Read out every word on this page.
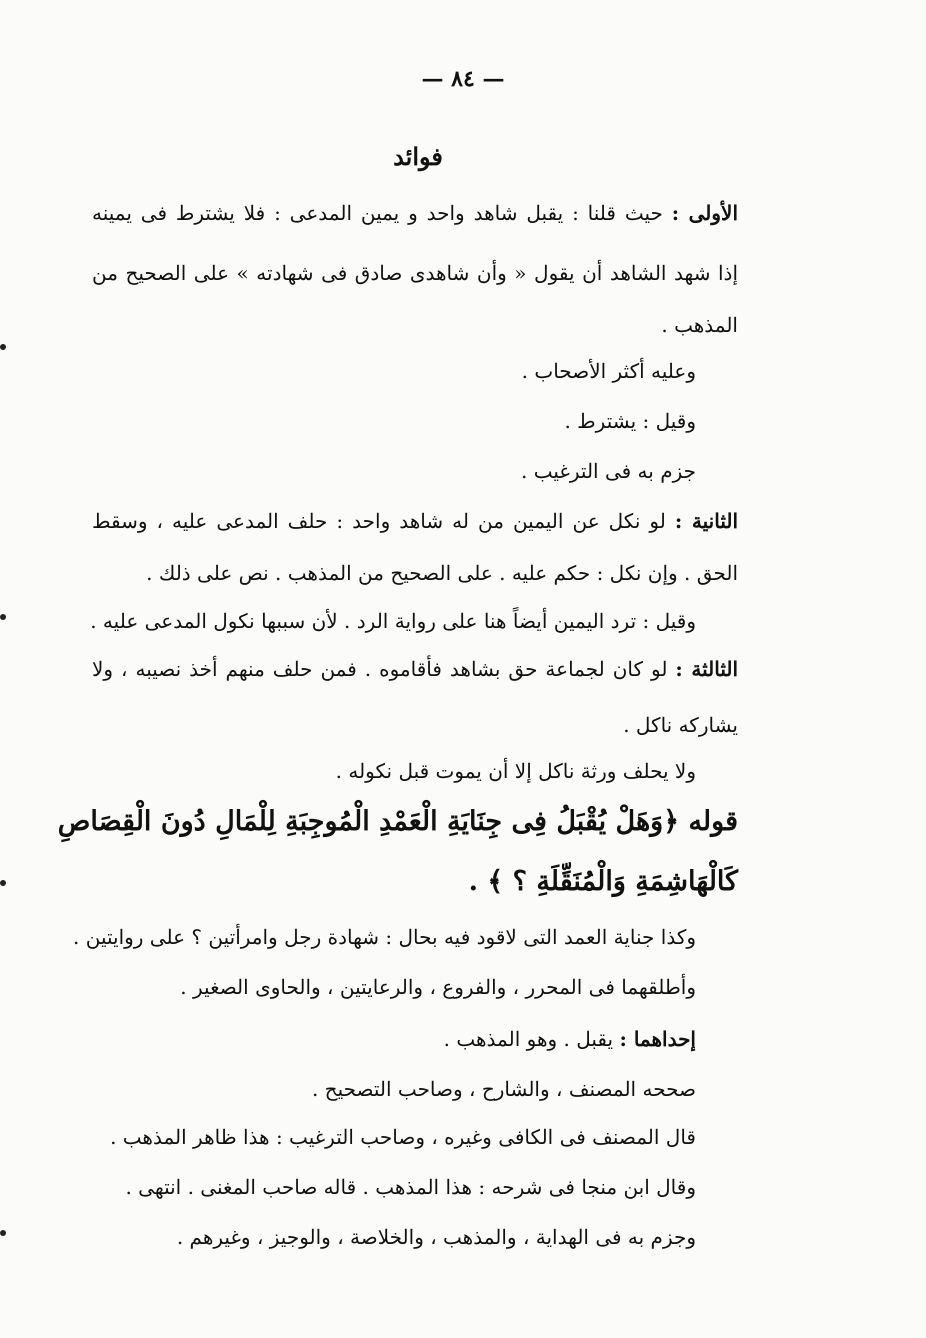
— ٨٤ —
فوائد
الأولى : حيث قلنا : يقبل شاهد واحد و يمين المدعى : فلا يشترط فى يمينه
إذا شهد الشاهد أن يقول « وأن شاهدى صادق فى شهادته » على الصحيح من
المذهب .
وعليه أكثر الأصحاب .
وقيل : يشترط .
جزم به فى الترغيب .
الثانية : لو نكل عن اليمين من له شاهد واحد : حلف المدعى عليه ، وسقط
الحق . وإن نكل : حكم عليه . على الصحيح من المذهب . نص على ذلك .
وقيل : ترد اليمين أيضاً هنا على رواية الرد . لأن سببها نكول المدعى عليه .
الثالثة : لو كان لجماعة حق بشاهد فأقاموه . فمن حلف منهم أخذ نصيبه ، ولا
يشاركه ناكل .
ولا يحلف ورثة ناكل إلا أن يموت قبل نكوله .
قوله ﴿وَهَلْ يُقْبَلُ فِى جِنَايَةِ الْعَمْدِ الْمُوجِبَةِ لِلْمَالِ دُونَ الْقِصَاصِ
كَالْهَاشِمَةِ وَالْمُنَقِّلَةِ ؟ ﴾ .
وكذا جناية العمد التى لاقود فيه بحال : شهادة رجل وامرأتين ؟ على روايتين .
وأطلقهما فى المحرر ، والفروع ، والرعايتين ، والحاوى الصغير .
إحداهما : يقبل . وهو المذهب .
صححه المصنف ، والشارح ، وصاحب التصحيح .
قال المصنف فى الكافى وغيره ، وصاحب الترغيب : هذا ظاهر المذهب .
وقال ابن منجا فى شرحه : هذا المذهب . قاله صاحب المغنى . انتهى .
وجزم به فى الهداية ، والمذهب ، والخلاصة ، والوجيز ، وغيرهم .
